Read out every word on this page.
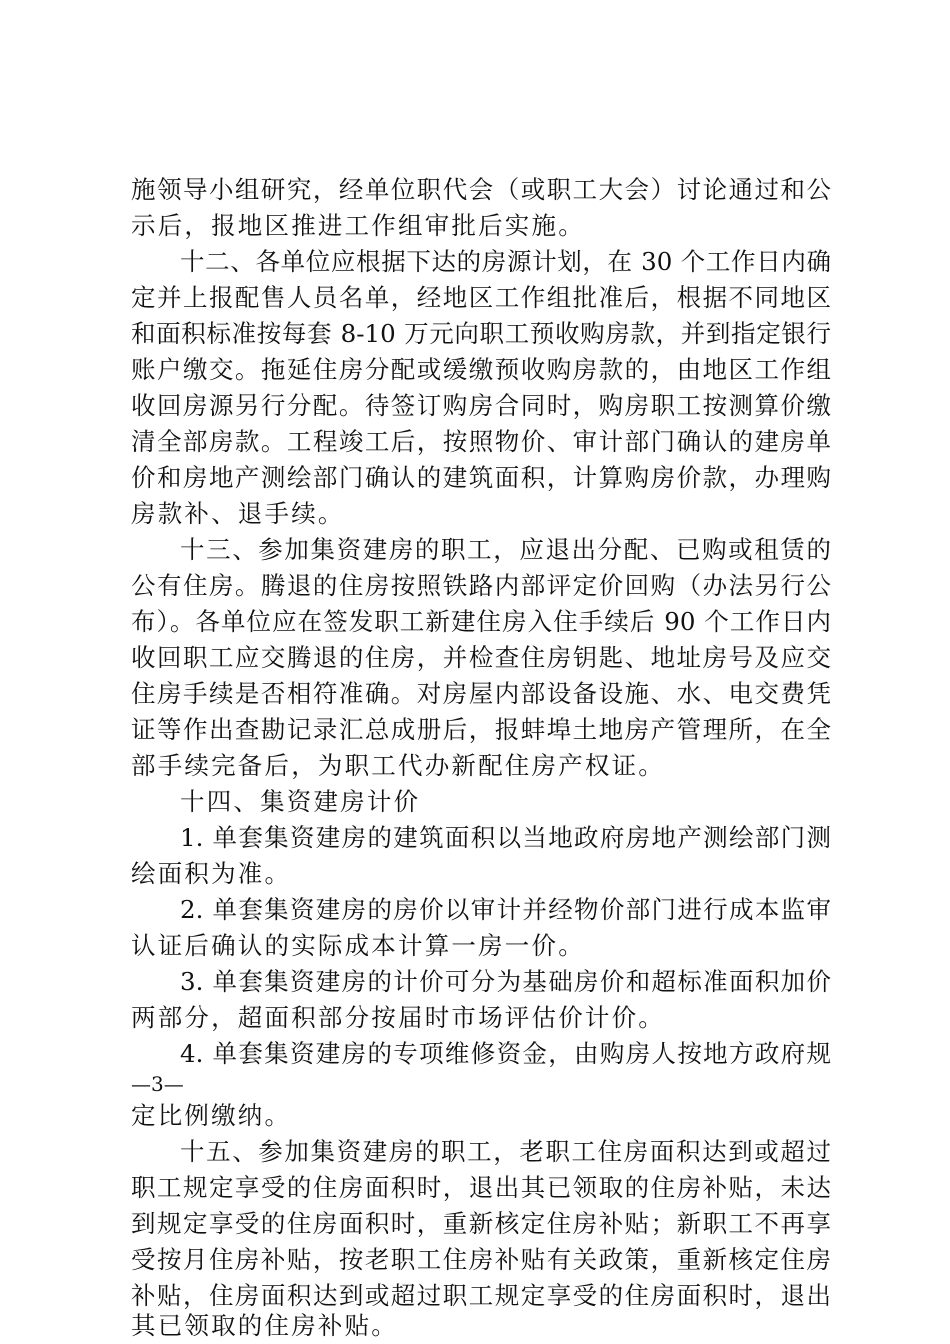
施领导小组研究，经单位职代会（或职工大会）讨论通过和公
示后，报地区推进工作组审批后实施。
十二、各单位应根据下达的房源计划，在 30 个工作日内确
定并上报配售人员名单，经地区工作组批准后，根据不同地区
和面积标准按每套 8-10 万元向职工预收购房款，并到指定银行
账户缴交。拖延住房分配或缓缴预收购房款的，由地区工作组
收回房源另行分配。待签订购房合同时，购房职工按测算价缴
清全部房款。工程竣工后，按照物价、审计部门确认的建房单
价和房地产测绘部门确认的建筑面积，计算购房价款，办理购
房款补、退手续。
十三、参加集资建房的职工，应退出分配、已购或租赁的
公有住房。腾退的住房按照铁路内部评定价回购（办法另行公
布）。各单位应在签发职工新建住房入住手续后 90 个工作日内
收回职工应交腾退的住房，并检查住房钥匙、地址房号及应交
住房手续是否相符准确。对房屋内部设备设施、水、电交费凭
证等作出查勘记录汇总成册后，报蚌埠土地房产管理所，在全
部手续完备后，为职工代办新配住房产权证。
十四、集资建房计价
1. 单套集资建房的建筑面积以当地政府房地产测绘部门测
绘面积为准。
2. 单套集资建房的房价以审计并经物价部门进行成本监审
认证后确认的实际成本计算一房一价。
3. 单套集资建房的计价可分为基础房价和超标准面积加价
两部分，超面积部分按届时市场评估价计价。
4. 单套集资建房的专项维修资金，由购房人按地方政府规
—3—
定比例缴纳。
十五、参加集资建房的职工，老职工住房面积达到或超过
职工规定享受的住房面积时，退出其已领取的住房补贴，未达
到规定享受的住房面积时，重新核定住房补贴；新职工不再享
受按月住房补贴，按老职工住房补贴有关政策，重新核定住房
补贴，住房面积达到或超过职工规定享受的住房面积时，退出
其已领取的住房补贴。
